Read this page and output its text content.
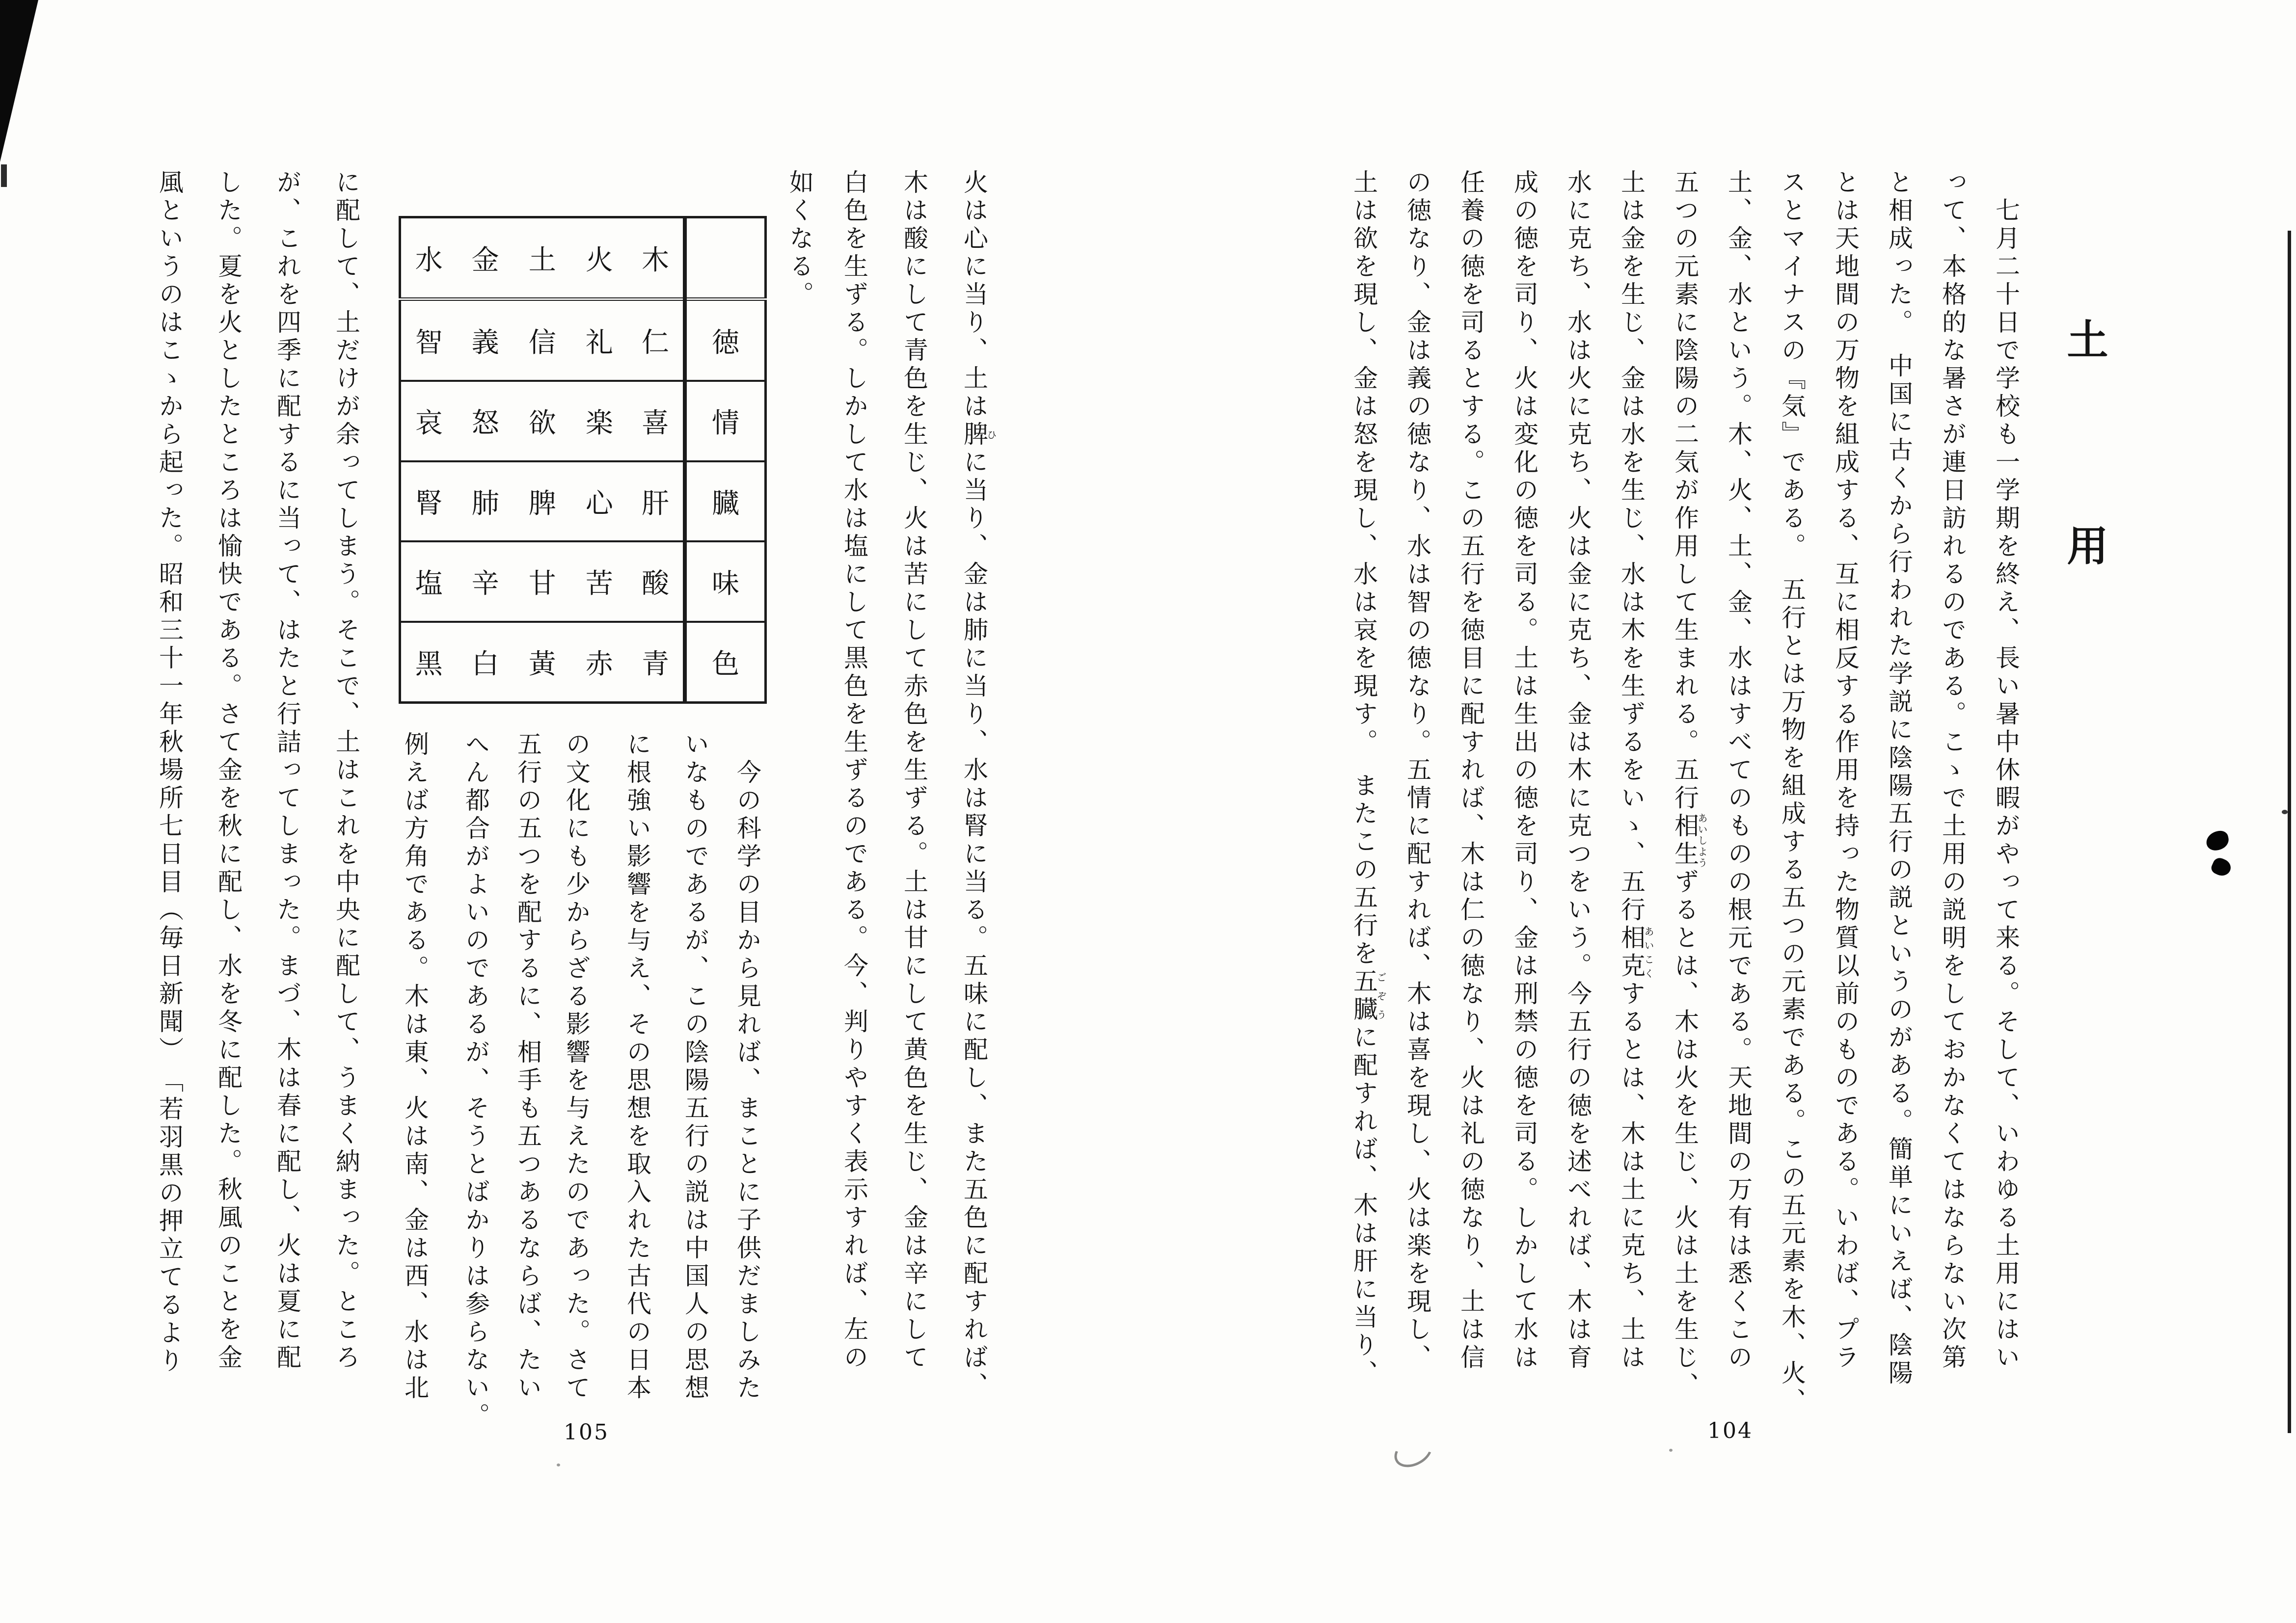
土用
　七月二十日で学校も一学期を終え、長い暑中休暇がやって来る。そして、いわゆる土用にはい
って、本格的な暑さが連日訪れるのである。こゝで土用の説明をしておかなくてはならない次第
と相成った。　中国に古くから行われた学説に陰陽五行の説というのがある。簡単にいえば、陰陽
とは天地間の万物を組成する、互に相反する作用を持った物質以前のものである。いわば、プラ
スとマイナスの『気』である。　五行とは万物を組成する五つの元素である。この五元素を木、火、
土、金、水という。木、火、土、金、水はすべてのものの根元である。天地間の万有は悉くこの
五つの元素に陰陽の二気が作用して生まれる。五行相生あいしようずるとは、木は火を生じ、火は土を生じ、
土は金を生じ、金は水を生じ、水は木を生ずるをいゝ、五行相克あいこくするとは、木は土に克ち、土は
水に克ち、水は火に克ち、火は金に克ち、金は木に克つをいう。今五行の徳を述べれば、木は育
成の徳を司り、火は変化の徳を司る。土は生出の徳を司り、金は刑禁の徳を司る。しかして水は
任養の徳を司るとする。この五行を徳目に配すれば、木は仁の徳なり、火は礼の徳なり、土は信
の徳なり、金は義の徳なり、水は智の徳なり。五情に配すれば、木は喜を現し、火は楽を現し、
土は欲を現し、金は怒を現し、水は哀を現す。　またこの五行を五臓ごぞうに配すれば、木は肝に当り、
104
火は心に当り、土は脾ひに当り、金は肺に当り、水は腎に当る。五味に配し、また五色に配すれば、
木は酸にして青色を生じ、火は苦にして赤色を生ずる。土は甘にして黄色を生じ、金は辛にして
白色を生ずる。しかして水は塩にして黒色を生ずるのである。今、判りやすく表示すれば、左の
如くなる。
水	金	土	火	木	
智	義	信	礼	仁	徳
哀	怒	欲	楽	喜	情
腎	肺	脾	心	肝	臓
塩	辛	甘	苦	酸	味
黑	白	黃	赤	青	色
　今の科学の目から見れば、まことに子供だましみた
いなものであるが、この陰陽五行の説は中国人の思想
に根強い影響を与え、その思想を取入れた古代の日本
の文化にも少からざる影響を与えたのであった。さて
五行の五つを配するに、相手も五つあるならば、たい
へん都合がよいのであるが、そうとばかりは参らない。
例えば方角である。木は東、火は南、金は西、水は北
に配して、土だけが余ってしまう。そこで、土はこれを中央に配して、うまく納まった。ところ
が、これを四季に配するに当って、はたと行詰ってしまった。まづ、木は春に配し、火は夏に配
した。夏を火としたところは愉快である。さて金を秋に配し、水を冬に配した。秋風のことを金
風というのはこゝから起った。昭和三十一年秋場所七日目（毎日新聞）　「若羽黒の押立てるより
105
